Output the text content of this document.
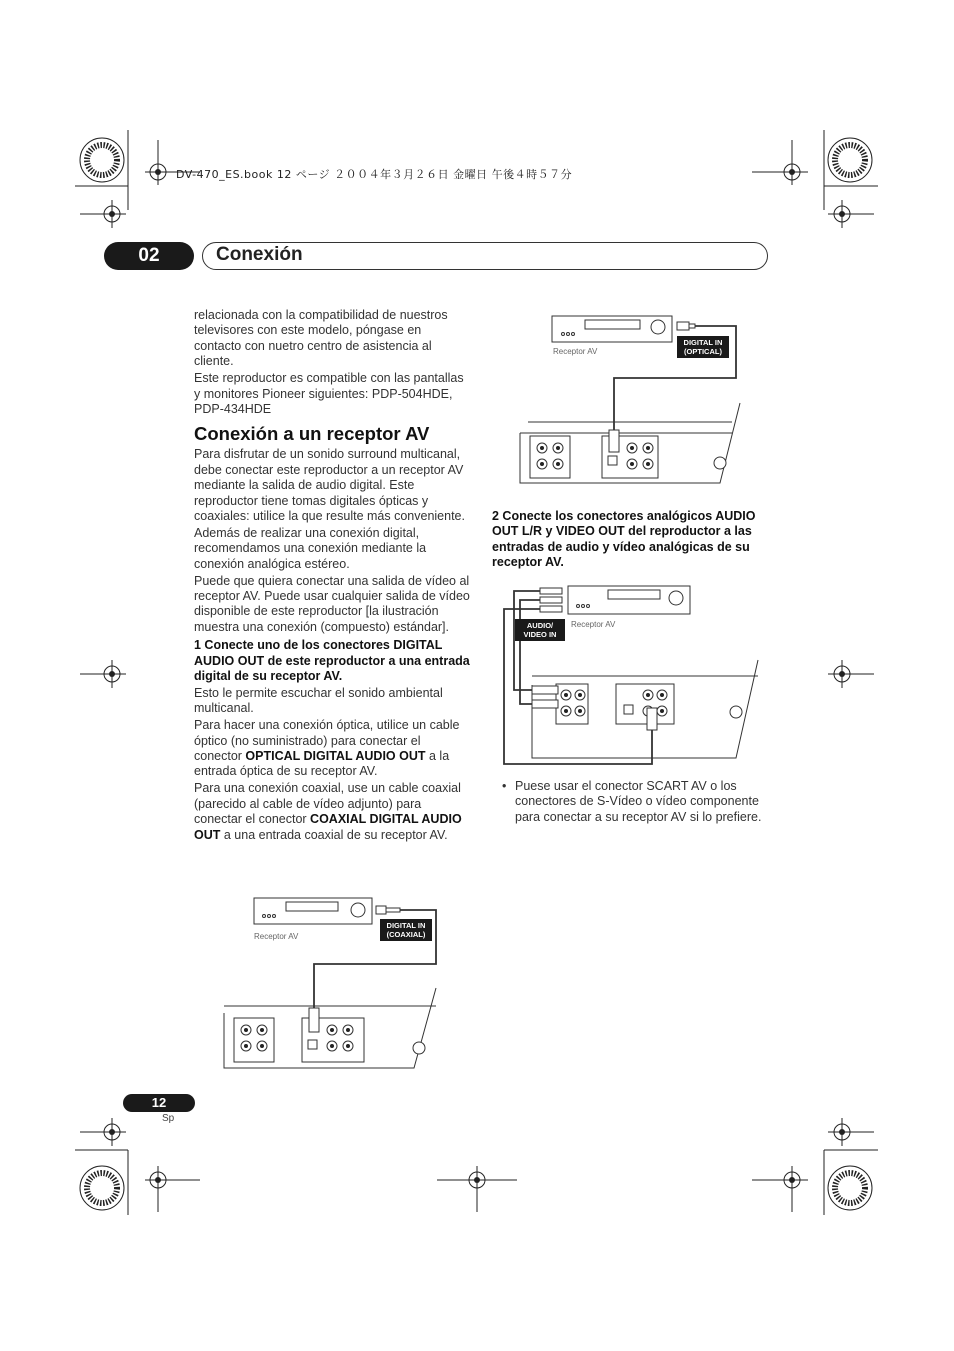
DV-470_ES.book 12 ページ ２００４年３月２６日 金曜日 午後４時５７分
02	Conexión

relacionada con la compatibilidad de nuestros televisores con este modelo, póngase en contacto con nuetro centro de asistencia al cliente.

Este reproductor es compatible con las pantallas y monitores Pioneer siguientes: PDP-504HDE, PDP-434HDE

Conexión a un receptor AV

Para disfrutar de un sonido surround multicanal, debe conectar este reproductor a un receptor AV mediante la salida de audio digital. Este reproductor tiene tomas digitales ópticas y coaxiales: utilice la que resulte más conveniente.

Además de realizar una conexión digital, recomendamos una conexión mediante la conexión analógica estéreo.

Puede que quiera conectar una salida de vídeo al receptor AV. Puede usar cualquier salida de vídeo disponible de este reproductor [la ilustración muestra una conexión (compuesto) estándar].

1 Conecte uno de los conectores DIGITAL AUDIO OUT de este reproductor a una entrada digital de su receptor AV.

Esto le permite escuchar el sonido ambiental multicanal.

Para hacer una conexión óptica, utilice un cable óptico (no suministrado) para conectar el conector OPTICAL DIGITAL AUDIO OUT a la entrada óptica de su receptor AV.

Para una conexión coaxial, use un cable coaxial (parecido al cable de vídeo adjunto) para conectar el conector COAXIAL DIGITAL AUDIO OUT a una entrada coaxial de su receptor AV.

Receptor AV
DIGITAL IN (OPTICAL)
2 Conecte los conectores analógicos AUDIO OUT L/R y VIDEO OUT del reproductor a las entradas de audio y vídeo analógicas de su receptor AV.
Receptor AV
AUDIO/ VIDEO IN
• Puese usar el conector SCART AV o los conectores de S-Vídeo o vídeo componente para conectar a su receptor AV si lo prefiere.
Receptor AV
DIGITAL IN (COAXIAL)
12
Sp
